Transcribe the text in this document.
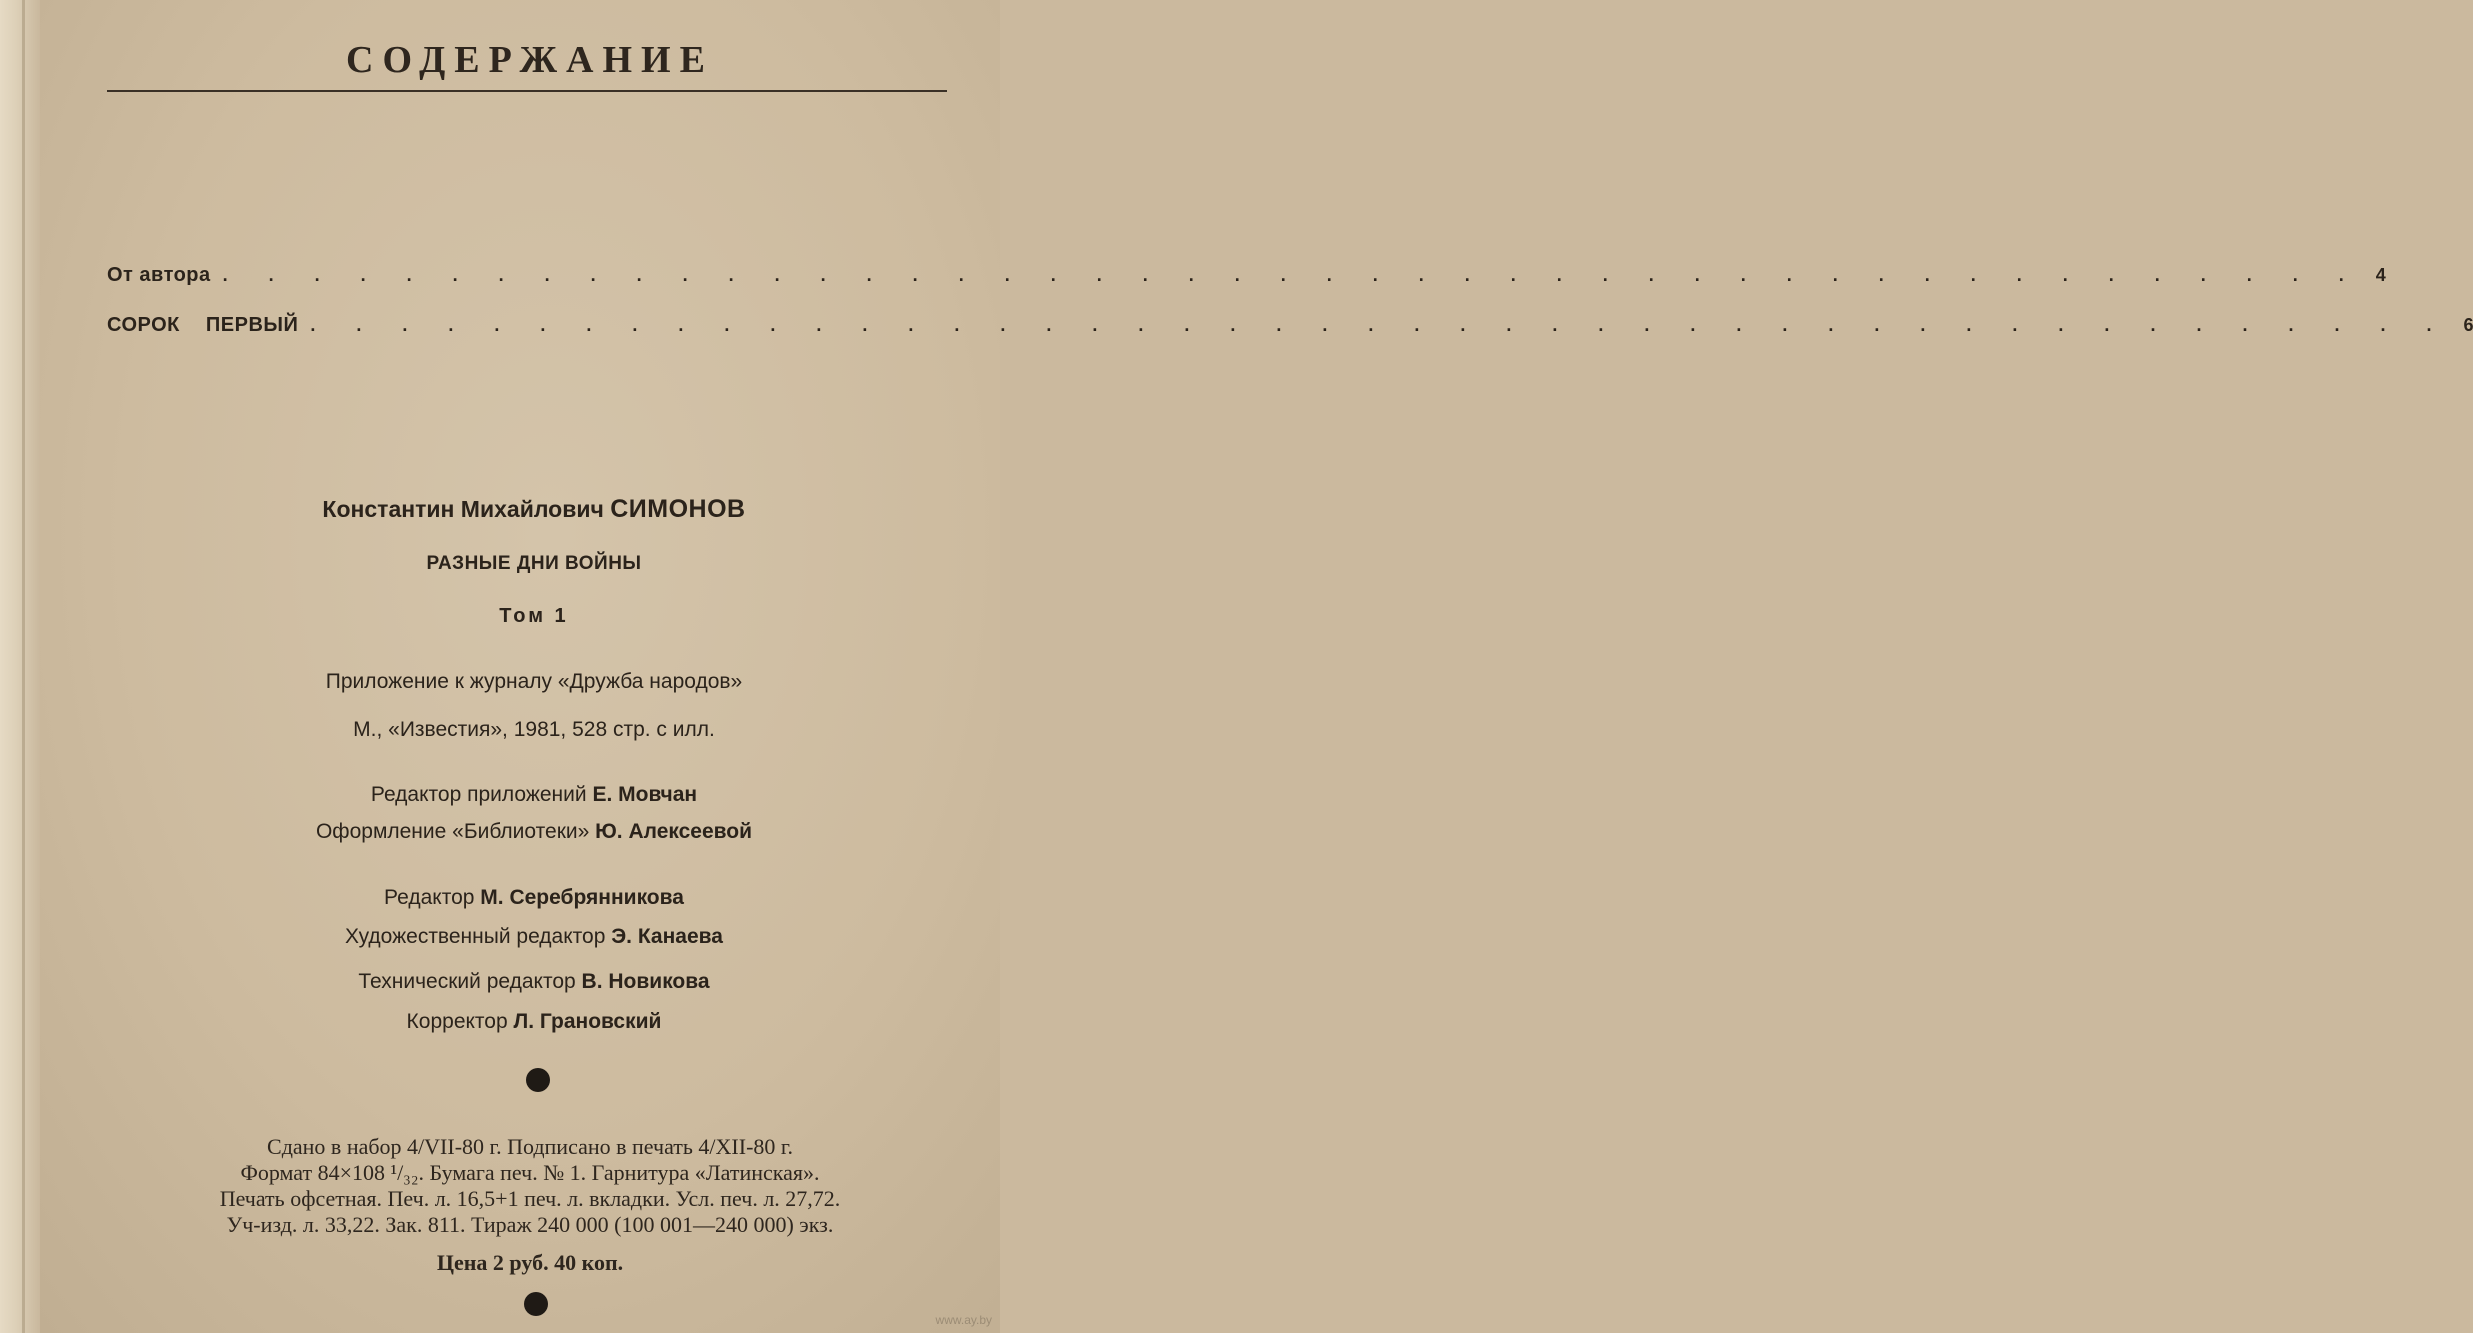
СОДЕРЖАНИЕ
От автора . . . . . . . . . . . . . . . . . . . . . . . . . . . . . . . . . . . . . . . . . . . . . . . 4
СОРОК ПЕРВЫЙ . . . . . . . . . . . . . . . . . . . . . . . . . . . . . . . . . . . . . . . . . . . . . . . 6
Константин Михайлович СИМОНОВ
РАЗНЫЕ ДНИ ВОЙНЫ
Том 1
Приложение к журналу «Дружба народов»
М., «Известия», 1981, 528 стр. с илл.
Редактор приложений Е. Мовчан
Оформление «Библиотеки» Ю. Алексеевой
Редактор М. Серебрянникова
Художественный редактор Э. Канаева
Технический редактор В. Новикова
Корректор Л. Грановский
Сдано в набор 4/VII-80 г. Подписано в печать 4/XII-80 г.
Формат 84×108 ¹/₃₂. Бумага печ. № 1. Гарнитура «Латинская».
Печать офсетная. Печ. л. 16,5+1 печ. л. вкладки. Усл. печ. л. 27,72.
Уч-изд. л. 33,22. Зак. 811. Тираж 240 000 (100 001—240 000) экз.
Цена 2 руб. 40 коп.
www.ay.by
